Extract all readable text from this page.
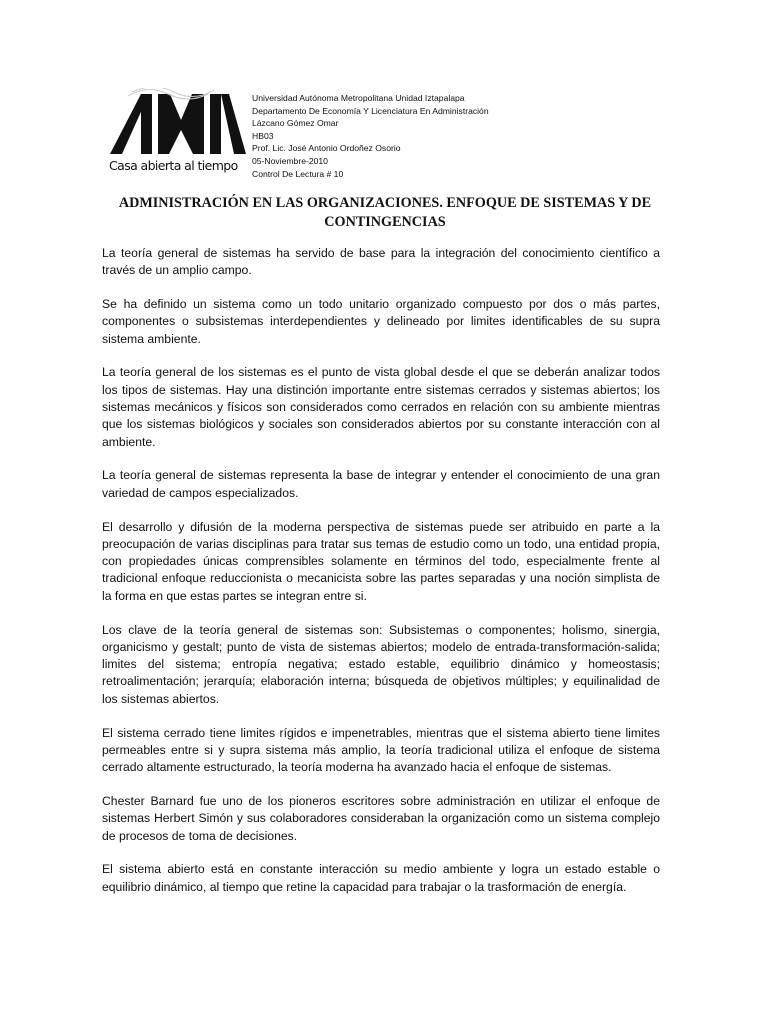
Casa abierta al tiempo
Universidad Autónoma Metropolitana Unidad Iztapalapa
Departamento De Economía Y Licenciatura En Administración
Lázcano Gómez Omar
HB03
Prof. Lic. José Antonio Ordoñez Osorio
05-Noviembre-2010
Control De Lectura # 10
ADMINISTRACIÓN EN LAS ORGANIZACIONES. ENFOQUE DE SISTEMAS Y DE CONTINGENCIAS

La teoría general de sistemas ha servido de base para la integración del conocimiento científico a través de un amplio campo.

Se ha definido un sistema como un todo unitario organizado compuesto por dos o más partes, componentes o subsistemas interdependientes y delineado por limites identificables de su supra sistema ambiente.

La teoría general de los sistemas es el punto de vista global desde el que se deberán analizar todos los tipos de sistemas. Hay una distinción importante entre sistemas cerrados y sistemas abiertos; los sistemas mecánicos y físicos son considerados como cerrados en relación con su ambiente mientras que los sistemas biológicos y sociales son considerados abiertos por su constante interacción con al ambiente.

La teoría general de sistemas representa la base de integrar y entender el conocimiento de una gran variedad de campos especializados.

El desarrollo y difusión de la moderna perspectiva de sistemas puede ser atribuido en parte a la preocupación de varias disciplinas para tratar sus temas de estudio como un todo, una entidad propia, con propiedades únicas comprensibles solamente en términos del todo, especialmente frente al tradicional enfoque reduccionista o mecanicista sobre las partes separadas y una noción simplista de la forma en que estas partes se integran entre si.

Los clave de la teoría general de sistemas son: Subsistemas o componentes; holismo, sinergia, organicismo y gestalt; punto de vista de sistemas abiertos; modelo de entrada-transformación-salida; limites del sistema; entropía negativa; estado estable, equilibrio dinámico y homeostasis; retroalimentación; jerarquía; elaboración interna; búsqueda de objetivos múltiples; y equilinalidad de los sistemas abiertos.

El sistema cerrado tiene limites rígidos e impenetrables, mientras que el sistema abierto tiene limites permeables entre si y supra sistema más amplio, la teoría tradicional utiliza el enfoque de sistema cerrado altamente estructurado, la teoría moderna ha avanzado hacia el enfoque de sistemas.

Chester Barnard fue uno de los pioneros escritores sobre administración en utilizar el enfoque de sistemas Herbert Simón y sus colaboradores consideraban la organización como un sistema complejo de procesos de toma de decisiones.

El sistema abierto está en constante interacción su medio ambiente y logra un estado estable o equilibrio dinámico, al tiempo que retine la capacidad para trabajar o la trasformación de energía.
